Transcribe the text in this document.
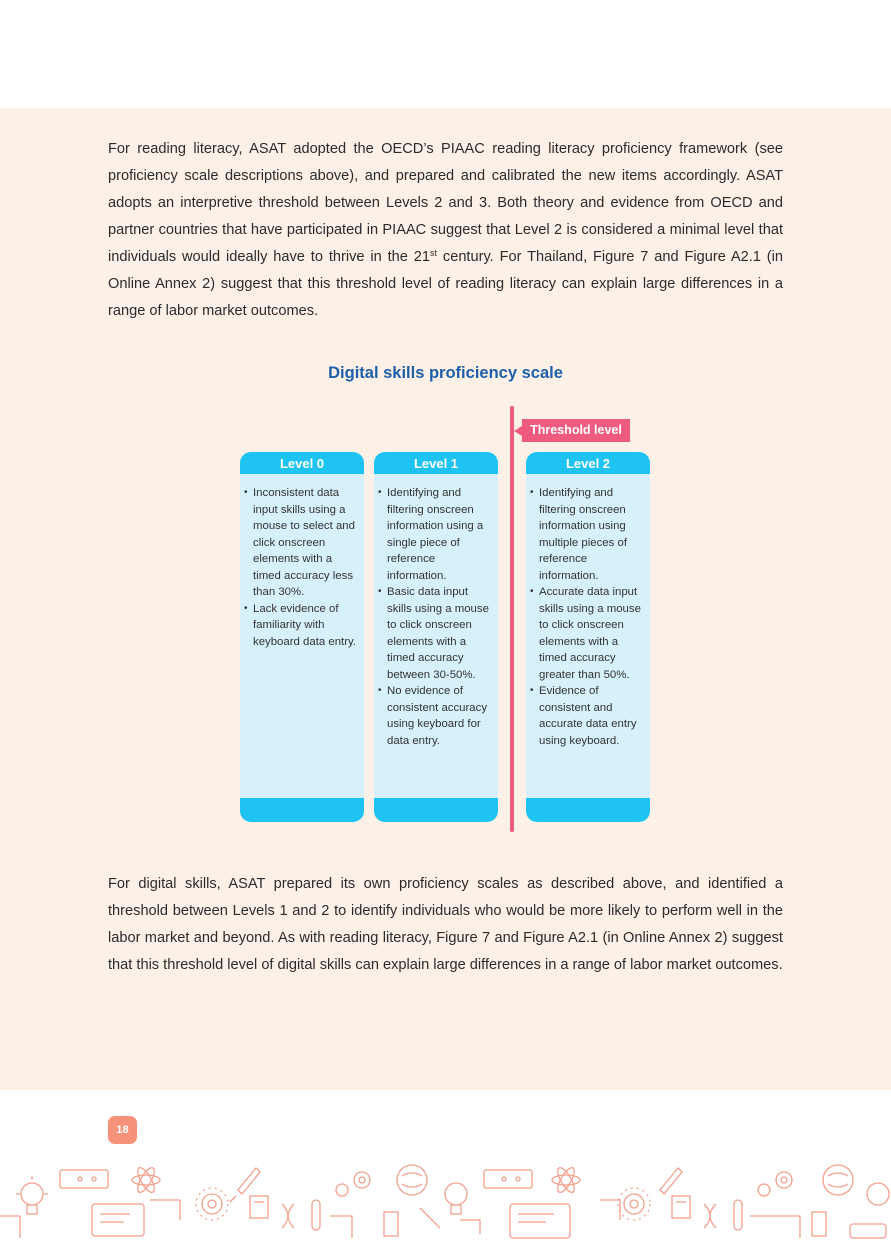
For reading literacy, ASAT adopted the OECD’s PIAAC reading literacy proficiency framework (see proficiency scale descriptions above), and prepared and calibrated the new items accordingly. ASAT adopts an interpretive threshold between Levels 2 and 3. Both theory and evidence from OECD and partner countries that have participated in PIAAC suggest that Level 2 is considered a minimal level that individuals would ideally have to thrive in the 21st century. For Thailand, Figure 7 and Figure A2.1 (in Online Annex 2) suggest that this threshold level of reading literacy can explain large differences in a range of labor market outcomes.

Digital skills proficiency scale
Threshold level
Level 0
• Inconsistent data input skills using a mouse to select and click onscreen elements with a timed accuracy less than 30%.
• Lack evidence of familiarity with keyboard data entry.
Level 1
• Identifying and filtering onscreen information using a single piece of reference information.
• Basic data input skills using a mouse to click onscreen elements with a timed accuracy between 30-50%.
• No evidence of consistent accuracy using keyboard for data entry.
Level 2
• Identifying and filtering onscreen information using multiple pieces of reference information.
• Accurate data input skills using a mouse to click onscreen elements with a timed accuracy greater than 50%.
• Evidence of consistent and accurate data entry using keyboard.

For digital skills, ASAT prepared its own proficiency scales as described above, and identified a threshold between Levels 1 and 2 to identify individuals who would be more likely to perform well in the labor market and beyond. As with reading literacy, Figure 7 and Figure A2.1 (in Online Annex 2) suggest that this threshold level of digital skills can explain large differences in a range of labor market outcomes.

18
